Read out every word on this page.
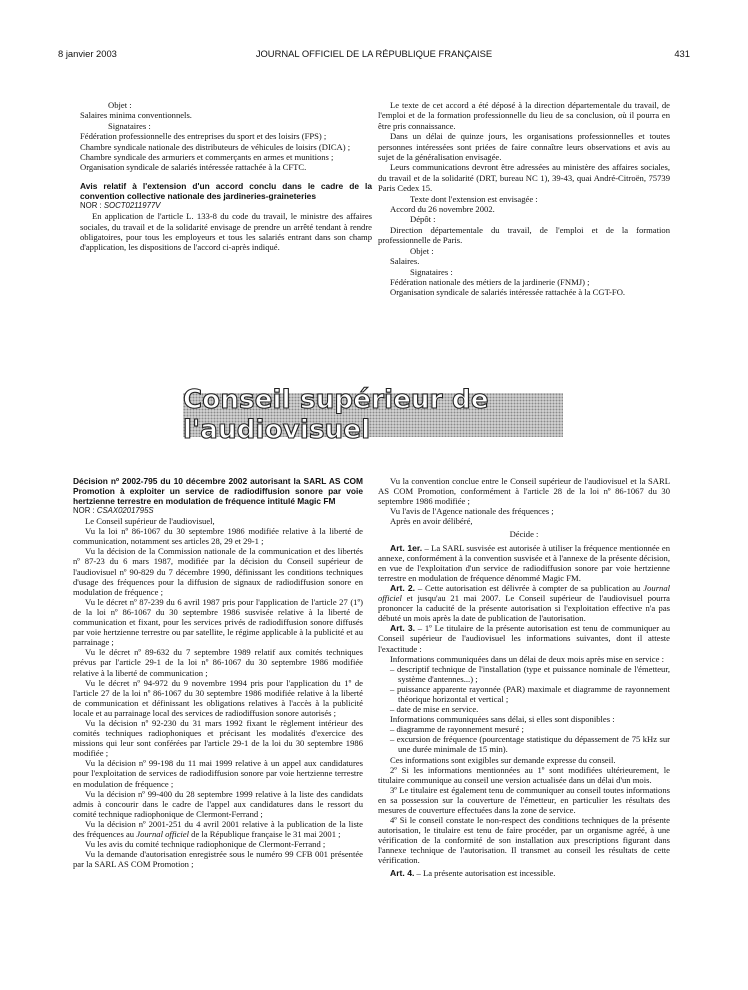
8 janvier 2003	JOURNAL OFFICIEL DE LA RÉPUBLIQUE FRANÇAISE	431

Objet :

Salaires minima conventionnels.

Signataires :

Fédération professionnelle des entreprises du sport et des loisirs (FPS) ;

Chambre syndicale nationale des distributeurs de véhicules de loisirs (DICA) ;

Chambre syndicale des armuriers et commerçants en armes et munitions ;

Organisation syndicale de salariés intéressée rattachée à la CFTC.

Avis relatif à l'extension d'un accord conclu dans le cadre de la convention collective nationale des jardineries-graineteries

NOR : SOCT0211977V

En application de l'article L. 133-8 du code du travail, le ministre des affaires sociales, du travail et de la solidarité envisage de prendre un arrêté tendant à rendre obligatoires, pour tous les employeurs et tous les salariés entrant dans son champ d'application, les dispositions de l'accord ci-après indiqué.

Le texte de cet accord a été déposé à la direction départementale du travail, de l'emploi et de la formation professionnelle du lieu de sa conclusion, où il pourra en être pris connaissance.

Dans un délai de quinze jours, les organisations professionnelles et toutes personnes intéressées sont priées de faire connaître leurs observations et avis au sujet de la généralisation envisagée.

Leurs communications devront être adressées au ministère des affaires sociales, du travail et de la solidarité (DRT, bureau NC 1), 39-43, quai André-Citroën, 75739 Paris Cedex 15.

Texte dont l'extension est envisagée :

Accord du 26 novembre 2002.

Dépôt :

Direction départementale du travail, de l'emploi et de la formation professionnelle de Paris.

Objet :

Salaires.

Signataires :

Fédération nationale des métiers de la jardinerie (FNMJ) ;

Organisation syndicale de salariés intéressée rattachée à la CGT-FO.

Conseil supérieur de l'audiovisuel

Décision nº 2002-795 du 10 décembre 2002 autorisant la SARL AS COM Promotion à exploiter un service de radiodiffusion sonore par voie hertzienne terrestre en modulation de fréquence intitulé Magic FM

NOR : CSAX0201795S

Le Conseil supérieur de l'audiovisuel,

Vu la loi nº 86-1067 du 30 septembre 1986 modifiée relative à la liberté de communication, notamment ses articles 28, 29 et 29-1 ;

Vu la décision de la Commission nationale de la communication et des libertés nº 87-23 du 6 mars 1987, modifiée par la décision du Conseil supérieur de l'audiovisuel nº 90-829 du 7 décembre 1990, définissant les conditions techniques d'usage des fréquences pour la diffusion de signaux de radiodiffusion sonore en modulation de fréquence ;

Vu le décret nº 87-239 du 6 avril 1987 pris pour l'application de l'article 27 (1º) de la loi nº 86-1067 du 30 septembre 1986 susvisée relative à la liberté de communication et fixant, pour les services privés de radiodiffusion sonore diffusés par voie hertzienne terrestre ou par satellite, le régime applicable à la publicité et au parrainage ;

Vu le décret nº 89-632 du 7 septembre 1989 relatif aux comités techniques prévus par l'article 29-1 de la loi nº 86-1067 du 30 septembre 1986 modifiée relative à la liberté de communication ;

Vu le décret nº 94-972 du 9 novembre 1994 pris pour l'application du 1º de l'article 27 de la loi nº 86-1067 du 30 septembre 1986 modifiée relative à la liberté de communication et définissant les obligations relatives à l'accès à la publicité locale et au parrainage local des services de radiodiffusion sonore autorisés ;

Vu la décision nº 92-230 du 31 mars 1992 fixant le règlement intérieur des comités techniques radiophoniques et précisant les modalités d'exercice des missions qui leur sont conférées par l'article 29-1 de la loi du 30 septembre 1986 modifiée ;

Vu la décision nº 99-198 du 11 mai 1999 relative à un appel aux candidatures pour l'exploitation de services de radiodiffusion sonore par voie hertzienne terrestre en modulation de fréquence ;

Vu la décision nº 99-400 du 28 septembre 1999 relative à la liste des candidats admis à concourir dans le cadre de l'appel aux candidatures dans le ressort du comité technique radiophonique de Clermont-Ferrand ;

Vu la décision nº 2001-251 du 4 avril 2001 relative à la publication de la liste des fréquences au Journal officiel de la République française le 31 mai 2001 ;

Vu les avis du comité technique radiophonique de Clermont-Ferrand ;

Vu la demande d'autorisation enregistrée sous le numéro 99 CFB 001 présentée par la SARL AS COM Promotion ;

Vu la convention conclue entre le Conseil supérieur de l'audiovisuel et la SARL AS COM Promotion, conformément à l'article 28 de la loi nº 86-1067 du 30 septembre 1986 modifiée ;

Vu l'avis de l'Agence nationale des fréquences ;

Après en avoir délibéré,

Décide :

Art. 1er. – La SARL susvisée est autorisée à utiliser la fréquence mentionnée en annexe, conformément à la convention susvisée et à l'annexe de la présente décision, en vue de l'exploitation d'un service de radiodiffusion sonore par voie hertzienne terrestre en modulation de fréquence dénommé Magic FM.

Art. 2. – Cette autorisation est délivrée à compter de sa publication au Journal officiel et jusqu'au 21 mai 2007. Le Conseil supérieur de l'audiovisuel pourra prononcer la caducité de la présente autorisation si l'exploitation effective n'a pas débuté un mois après la date de publication de l'autorisation.

Art. 3. – 1º Le titulaire de la présente autorisation est tenu de communiquer au Conseil supérieur de l'audiovisuel les informations suivantes, dont il atteste l'exactitude :

Informations communiquées dans un délai de deux mois après mise en service :

– descriptif technique de l'installation (type et puissance nominale de l'émetteur, système d'antennes...) ;

– puissance apparente rayonnée (PAR) maximale et diagramme de rayonnement théorique horizontal et vertical ;

– date de mise en service.

Informations communiquées sans délai, si elles sont disponibles :

– diagramme de rayonnement mesuré ;

– excursion de fréquence (pourcentage statistique du dépassement de 75 kHz sur une durée minimale de 15 min).

Ces informations sont exigibles sur demande expresse du conseil.

2º Si les informations mentionnées au 1º sont modifiées ultérieurement, le titulaire communique au conseil une version actualisée dans un délai d'un mois.

3º Le titulaire est également tenu de communiquer au conseil toutes informations en sa possession sur la couverture de l'émetteur, en particulier les résultats des mesures de couverture effectuées dans la zone de service.

4º Si le conseil constate le non-respect des conditions techniques de la présente autorisation, le titulaire est tenu de faire procéder, par un organisme agréé, à une vérification de la conformité de son installation aux prescriptions figurant dans l'annexe technique de l'autorisation. Il transmet au conseil les résultats de cette vérification.

Art. 4. – La présente autorisation est incessible.
